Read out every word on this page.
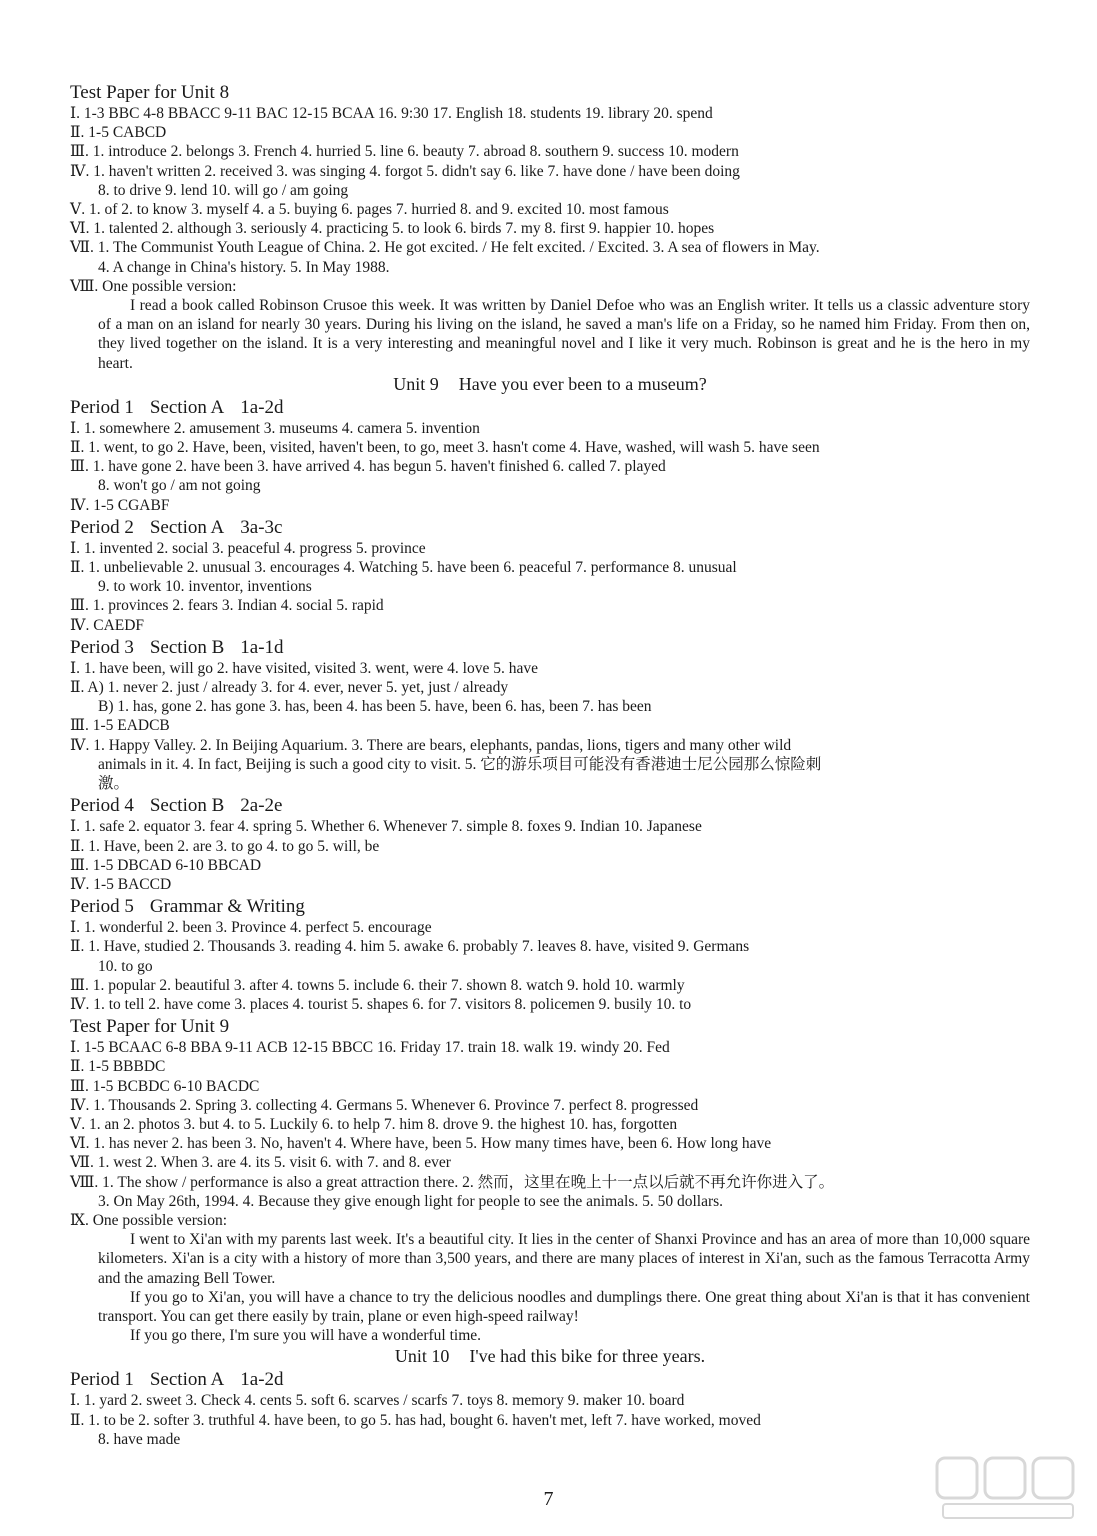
Test Paper for Unit 8
Ⅰ. 1-3 BBC 4-8 BBACC 9-11 BAC 12-15 BCAA 16. 9:30 17. English 18. students 19. library 20. spend
Ⅱ. 1-5 CABCD
Ⅲ. 1. introduce 2. belongs 3. French 4. hurried 5. line 6. beauty 7. abroad 8. southern 9. success 10. modern
Ⅳ. 1. haven't written 2. received 3. was singing 4. forgot 5. didn't say 6. like 7. have done / have been doing
8. to drive 9. lend 10. will go / am going
Ⅴ. 1. of 2. to know 3. myself 4. a 5. buying 6. pages 7. hurried 8. and 9. excited 10. most famous
Ⅵ. 1. talented 2. although 3. seriously 4. practicing 5. to look 6. birds 7. my 8. first 9. happier 10. hopes
Ⅶ. 1. The Communist Youth League of China. 2. He got excited. / He felt excited. / Excited. 3. A sea of flowers in May.
4. A change in China's history. 5. In May 1988.
Ⅷ. One possible version:
I read a book called Robinson Crusoe this week. It was written by Daniel Defoe who was an English writer. It tells us a classic adventure story of a man on an island for nearly 30 years. During his living on the island, he saved a man's life on a Friday, so he named him Friday. From then on, they lived together on the island. It is a very interesting and meaningful novel and I like it very much. Robinson is great and he is the hero in my heart.
Unit 9 Have you ever been to a museum?
Period 1 Section A 1a-2d
Ⅰ. 1. somewhere 2. amusement 3. museums 4. camera 5. invention
Ⅱ. 1. went, to go 2. Have, been, visited, haven't been, to go, meet 3. hasn't come 4. Have, washed, will wash 5. have seen
Ⅲ. 1. have gone 2. have been 3. have arrived 4. has begun 5. haven't finished 6. called 7. played
8. won't go / am not going
Ⅳ. 1-5 CGABF
Period 2 Section A 3a-3c
Ⅰ. 1. invented 2. social 3. peaceful 4. progress 5. province
Ⅱ. 1. unbelievable 2. unusual 3. encourages 4. Watching 5. have been 6. peaceful 7. performance 8. unusual
9. to work 10. inventor, inventions
Ⅲ. 1. provinces 2. fears 3. Indian 4. social 5. rapid
Ⅳ. CAEDF
Period 3 Section B 1a-1d
Ⅰ. 1. have been, will go 2. have visited, visited 3. went, were 4. love 5. have
Ⅱ. A) 1. never 2. just / already 3. for 4. ever, never 5. yet, just / already
B) 1. has, gone 2. has gone 3. has, been 4. has been 5. have, been 6. has, been 7. has been
Ⅲ. 1-5 EADCB
Ⅳ. 1. Happy Valley. 2. In Beijing Aquarium. 3. There are bears, elephants, pandas, lions, tigers and many other wild
animals in it. 4. In fact, Beijing is such a good city to visit. 5. 它的游乐项目可能没有香港迪士尼公园那么惊险刺
激。
Period 4 Section B 2a-2e
Ⅰ. 1. safe 2. equator 3. fear 4. spring 5. Whether 6. Whenever 7. simple 8. foxes 9. Indian 10. Japanese
Ⅱ. 1. Have, been 2. are 3. to go 4. to go 5. will, be
Ⅲ. 1-5 DBCAD 6-10 BBCAD
Ⅳ. 1-5 BACCD
Period 5 Grammar & Writing
Ⅰ. 1. wonderful 2. been 3. Province 4. perfect 5. encourage
Ⅱ. 1. Have, studied 2. Thousands 3. reading 4. him 5. awake 6. probably 7. leaves 8. have, visited 9. Germans
10. to go
Ⅲ. 1. popular 2. beautiful 3. after 4. towns 5. include 6. their 7. shown 8. watch 9. hold 10. warmly
Ⅳ. 1. to tell 2. have come 3. places 4. tourist 5. shapes 6. for 7. visitors 8. policemen 9. busily 10. to
Test Paper for Unit 9
Ⅰ. 1-5 BCAAC 6-8 BBA 9-11 ACB 12-15 BBCC 16. Friday 17. train 18. walk 19. windy 20. Fed
Ⅱ. 1-5 BBBDC
Ⅲ. 1-5 BCBDC 6-10 BACDC
Ⅳ. 1. Thousands 2. Spring 3. collecting 4. Germans 5. Whenever 6. Province 7. perfect 8. progressed
Ⅴ. 1. an 2. photos 3. but 4. to 5. Luckily 6. to help 7. him 8. drove 9. the highest 10. has, forgotten
Ⅵ. 1. has never 2. has been 3. No, haven't 4. Where have, been 5. How many times have, been 6. How long have
Ⅶ. 1. west 2. When 3. are 4. its 5. visit 6. with 7. and 8. ever
Ⅷ. 1. The show / performance is also a great attraction there. 2. 然而，这里在晚上十一点以后就不再允许你进入了。
3. On May 26th, 1994. 4. Because they give enough light for people to see the animals. 5. 50 dollars.
Ⅸ. One possible version:
I went to Xi'an with my parents last week. It's a beautiful city. It lies in the center of Shanxi Province and has an area of more than 10,000 square kilometers. Xi'an is a city with a history of more than 3,500 years, and there are many places of interest in Xi'an, such as the famous Terracotta Army and the amazing Bell Tower.
If you go to Xi'an, you will have a chance to try the delicious noodles and dumplings there. One great thing about Xi'an is that it has convenient transport. You can get there easily by train, plane or even high-speed railway!
If you go there, I'm sure you will have a wonderful time.
Unit 10 I've had this bike for three years.
Period 1 Section A 1a-2d
Ⅰ. 1. yard 2. sweet 3. Check 4. cents 5. soft 6. scarves / scarfs 7. toys 8. memory 9. maker 10. board
Ⅱ. 1. to be 2. softer 3. truthful 4. have been, to go 5. has had, bought 6. haven't met, left 7. have worked, moved
8. have made
7
